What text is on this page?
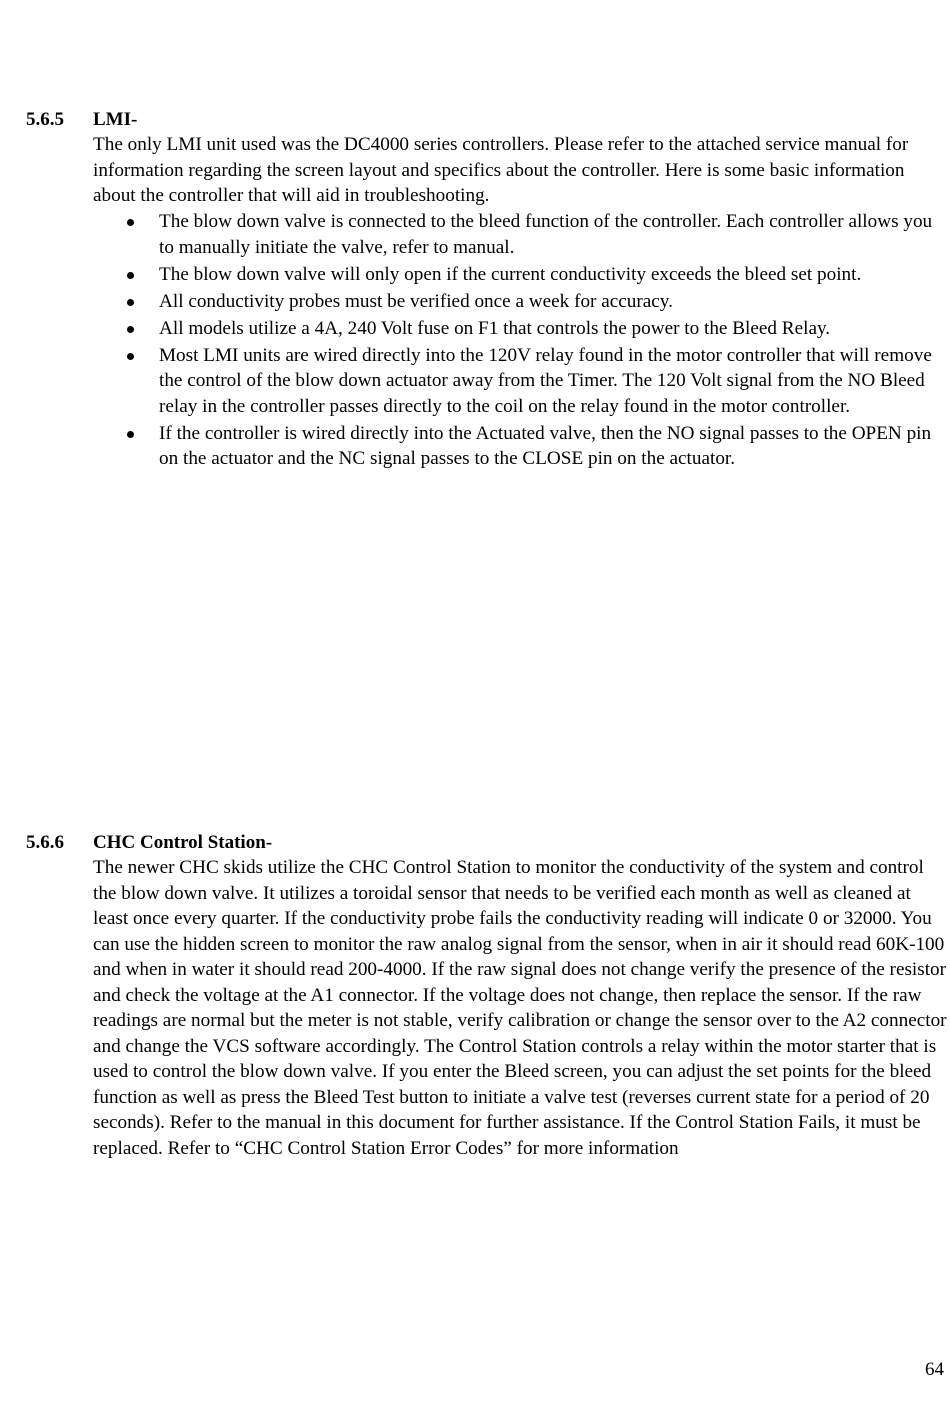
5.6.5 LMI-

The only LMI unit used was the DC4000 series controllers. Please refer to the attached service manual for information regarding the screen layout and specifics about the controller. Here is some basic information about the controller that will aid in troubleshooting.

The blow down valve is connected to the bleed function of the controller. Each controller allows you to manually initiate the valve, refer to manual.
The blow down valve will only open if the current conductivity exceeds the bleed set point.
All conductivity probes must be verified once a week for accuracy.
All models utilize a 4A, 240 Volt fuse on F1 that controls the power to the Bleed Relay.
Most LMI units are wired directly into the 120V relay found in the motor controller that will remove the control of the blow down actuator away from the Timer. The 120 Volt signal from the NO Bleed relay in the controller passes directly to the coil on the relay found in the motor controller.
If the controller is wired directly into the Actuated valve, then the NO signal passes to the OPEN pin on the actuator and the NC signal passes to the CLOSE pin on the actuator.

5.6.6 CHC Control Station-

The newer CHC skids utilize the CHC Control Station to monitor the conductivity of the system and control the blow down valve. It utilizes a toroidal sensor that needs to be verified each month as well as cleaned at least once every quarter. If the conductivity probe fails the conductivity reading will indicate 0 or 32000. You can use the hidden screen to monitor the raw analog signal from the sensor, when in air it should read 60K-100 and when in water it should read 200-4000. If the raw signal does not change verify the presence of the resistor and check the voltage at the A1 connector. If the voltage does not change, then replace the sensor. If the raw readings are normal but the meter is not stable, verify calibration or change the sensor over to the A2 connector and change the VCS software accordingly. The Control Station controls a relay within the motor starter that is used to control the blow down valve. If you enter the Bleed screen, you can adjust the set points for the bleed function as well as press the Bleed Test button to initiate a valve test (reverses current state for a period of 20 seconds). Refer to the manual in this document for further assistance. If the Control Station Fails, it must be replaced. Refer to “CHC Control Station Error Codes” for more information

64
